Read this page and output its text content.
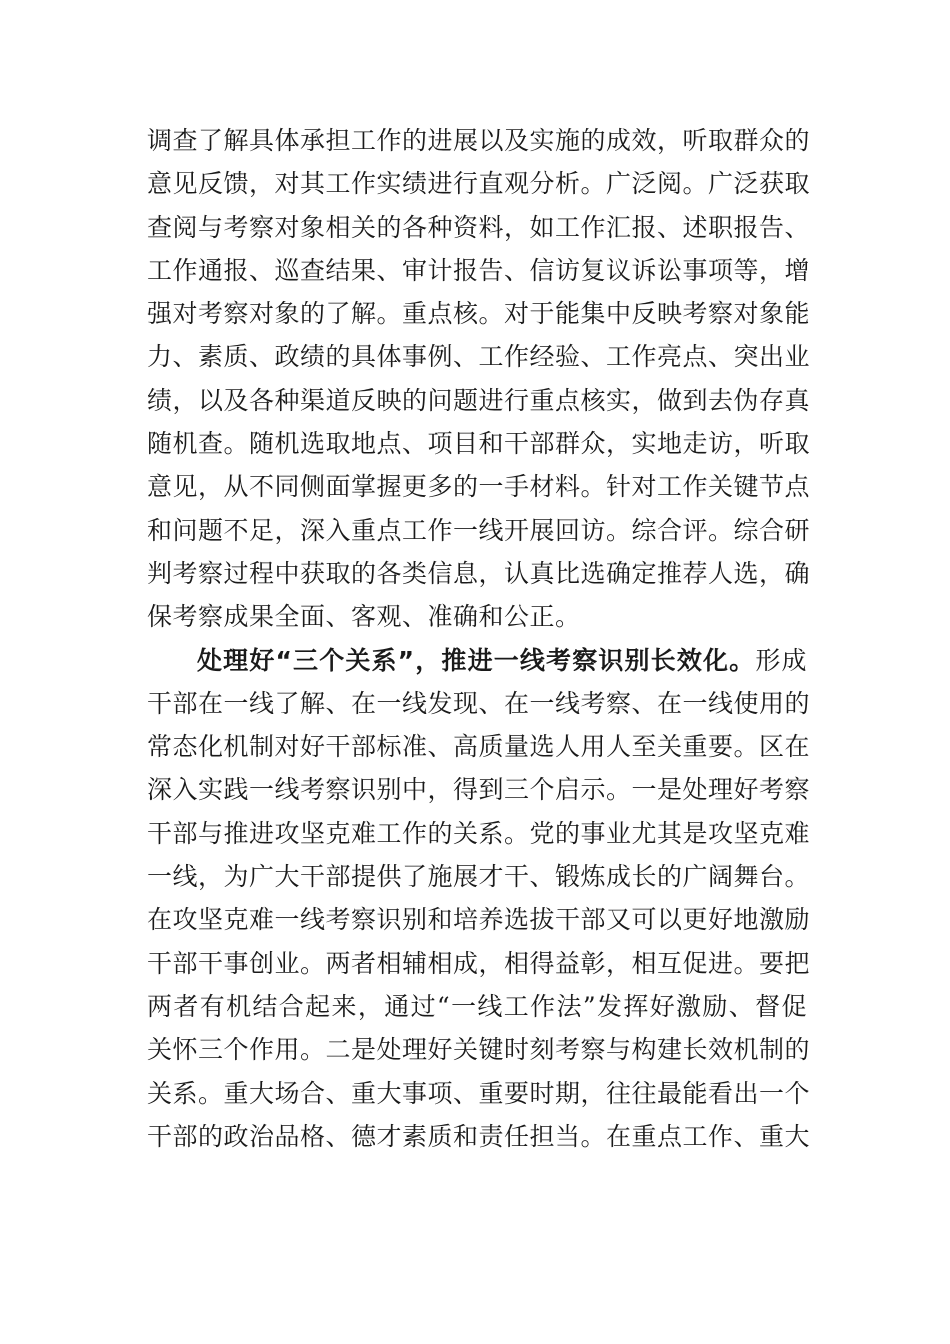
调查了解具体承担工作的进展以及实施的成效，听取群众的
意见反馈，对其工作实绩进行直观分析。广泛阅。广泛获取
查阅与考察对象相关的各种资料，如工作汇报、述职报告、
工作通报、巡查结果、审计报告、信访复议诉讼事项等，增
强对考察对象的了解。重点核。对于能集中反映考察对象能
力、素质、政绩的具体事例、工作经验、工作亮点、突出业
绩，以及各种渠道反映的问题进行重点核实，做到去伪存真
随机查。随机选取地点、项目和干部群众，实地走访，听取
意见，从不同侧面掌握更多的一手材料。针对工作关键节点
和问题不足，深入重点工作一线开展回访。综合评。综合研
判考察过程中获取的各类信息，认真比选确定推荐人选，确
保考察成果全面、客观、准确和公正。
处理好“三个关系”，推进一线考察识别长效化。形成
干部在一线了解、在一线发现、在一线考察、在一线使用的
常态化机制对好干部标准、高质量选人用人至关重要。区在
深入实践一线考察识别中，得到三个启示。一是处理好考察
干部与推进攻坚克难工作的关系。党的事业尤其是攻坚克难
一线，为广大干部提供了施展才干、锻炼成长的广阔舞台。
在攻坚克难一线考察识别和培养选拔干部又可以更好地激励
干部干事创业。两者相辅相成，相得益彰，相互促进。要把
两者有机结合起来，通过“一线工作法”发挥好激励、督促
关怀三个作用。二是处理好关键时刻考察与构建长效机制的
关系。重大场合、重大事项、重要时期，往往最能看出一个
干部的政治品格、德才素质和责任担当。在重点工作、重大
